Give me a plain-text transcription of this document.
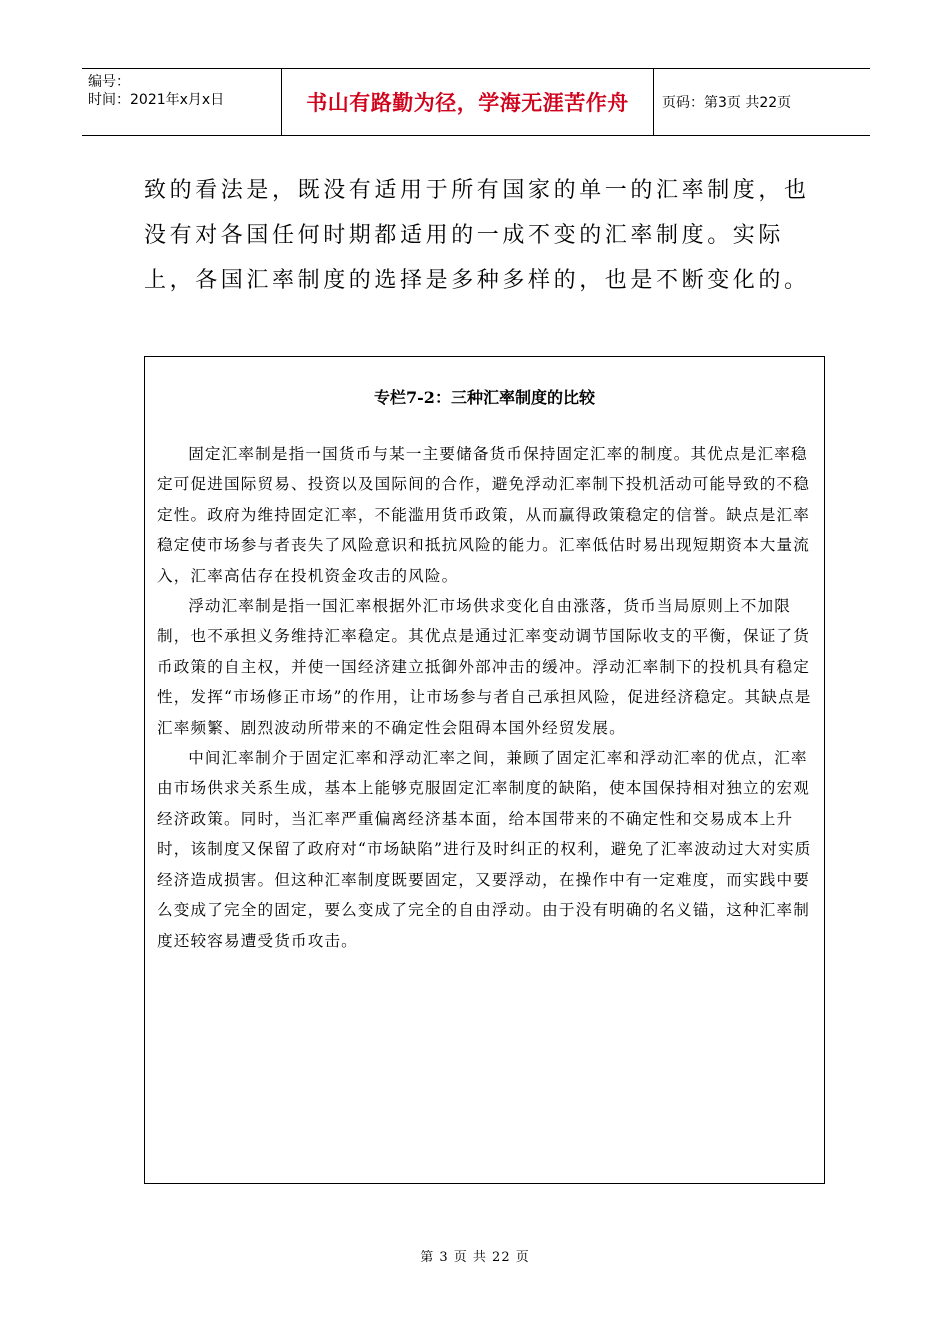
编号：
时间：2021年x月x日	书山有路勤为径，学海无涯苦作舟	页码：第3页 共22页

致的看法是，既没有适用于所有国家的单一的汇率制度，也没有对各国任何时期都适用的一成不变的汇率制度。实际上，各国汇率制度的选择是多种多样的，也是不断变化的。

专栏7-2：三种汇率制度的比较

固定汇率制是指一国货币与某一主要储备货币保持固定汇率的制度。其优点是汇率稳定可促进国际贸易、投资以及国际间的合作，避免浮动汇率制下投机活动可能导致的不稳定性。政府为维持固定汇率，不能滥用货币政策，从而赢得政策稳定的信誉。缺点是汇率稳定使市场参与者丧失了风险意识和抵抗风险的能力。汇率低估时易出现短期资本大量流入，汇率高估存在投机资金攻击的风险。

浮动汇率制是指一国汇率根据外汇市场供求变化自由涨落，货币当局原则上不加限制，也不承担义务维持汇率稳定。其优点是通过汇率变动调节国际收支的平衡，保证了货币政策的自主权，并使一国经济建立抵御外部冲击的缓冲。浮动汇率制下的投机具有稳定性，发挥“市场修正市场”的作用，让市场参与者自己承担风险，促进经济稳定。其缺点是汇率频繁、剧烈波动所带来的不确定性会阻碍本国外经贸发展。

中间汇率制介于固定汇率和浮动汇率之间，兼顾了固定汇率和浮动汇率的优点，汇率由市场供求关系生成，基本上能够克服固定汇率制度的缺陷，使本国保持相对独立的宏观经济政策。同时，当汇率严重偏离经济基本面，给本国带来的不确定性和交易成本上升时，该制度又保留了政府对“市场缺陷”进行及时纠正的权利，避免了汇率波动过大对实质经济造成损害。但这种汇率制度既要固定，又要浮动，在操作中有一定难度，而实践中要么变成了完全的固定，要么变成了完全的自由浮动。由于没有明确的名义锚，这种汇率制度还较容易遭受货币攻击。

第 3 页 共 22 页
